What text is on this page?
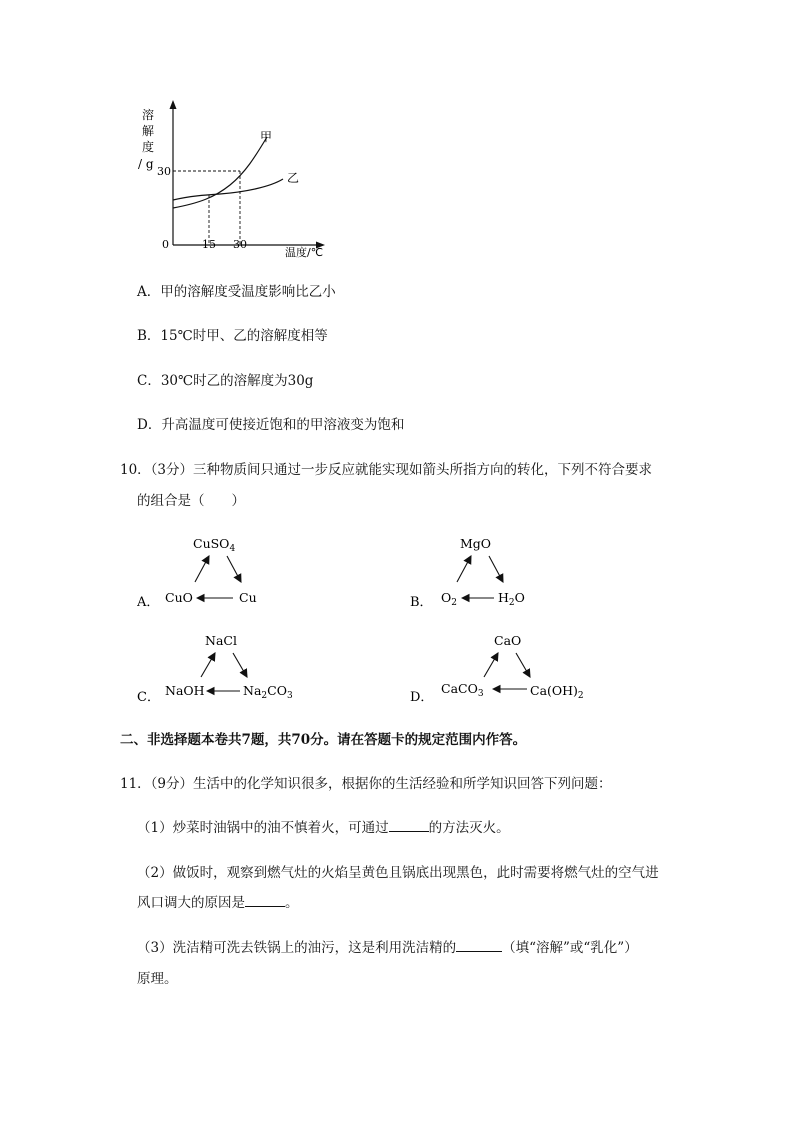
溶
解
度
/ g
30
甲
乙
0	15 30
温度/℃
A．甲的溶解度受温度影响比乙小
B．15℃时甲、乙的溶解度相等
C．30℃时乙的溶解度为30g
D．升高温度可使接近饱和的甲溶液变为饱和
10．（3分）三种物质间只通过一步反应就能实现如箭头所指方向的转化，下列不符合要求
的组合是（　　）
A．
CuSO$_4$
CuO	Cu	B．
MgO
$O_2$	$H_2O$
C．
NaCl
NaOH	$Na_2CO_3$	D．
CaO
CaCO$_3$	$Ca(OH)_2$
二、非选择题本卷共7题，共70分。请在答题卡的规定范围内作答。
11．（9分）生活中的化学知识很多，根据你的生活经验和所学知识回答下列问题：
（1）炒菜时油锅中的油不慎着火，可通过	的方法灭火。
（2）做饭时，观察到燃气灶的火焰呈黄色且锅底出现黑色，此时需要将燃气灶的空气进
风口调大的原因是	。
（3）洗洁精可洗去铁锅上的油污，这是利用洗洁精的	（填“溶解”或“乳化”）
原理。
